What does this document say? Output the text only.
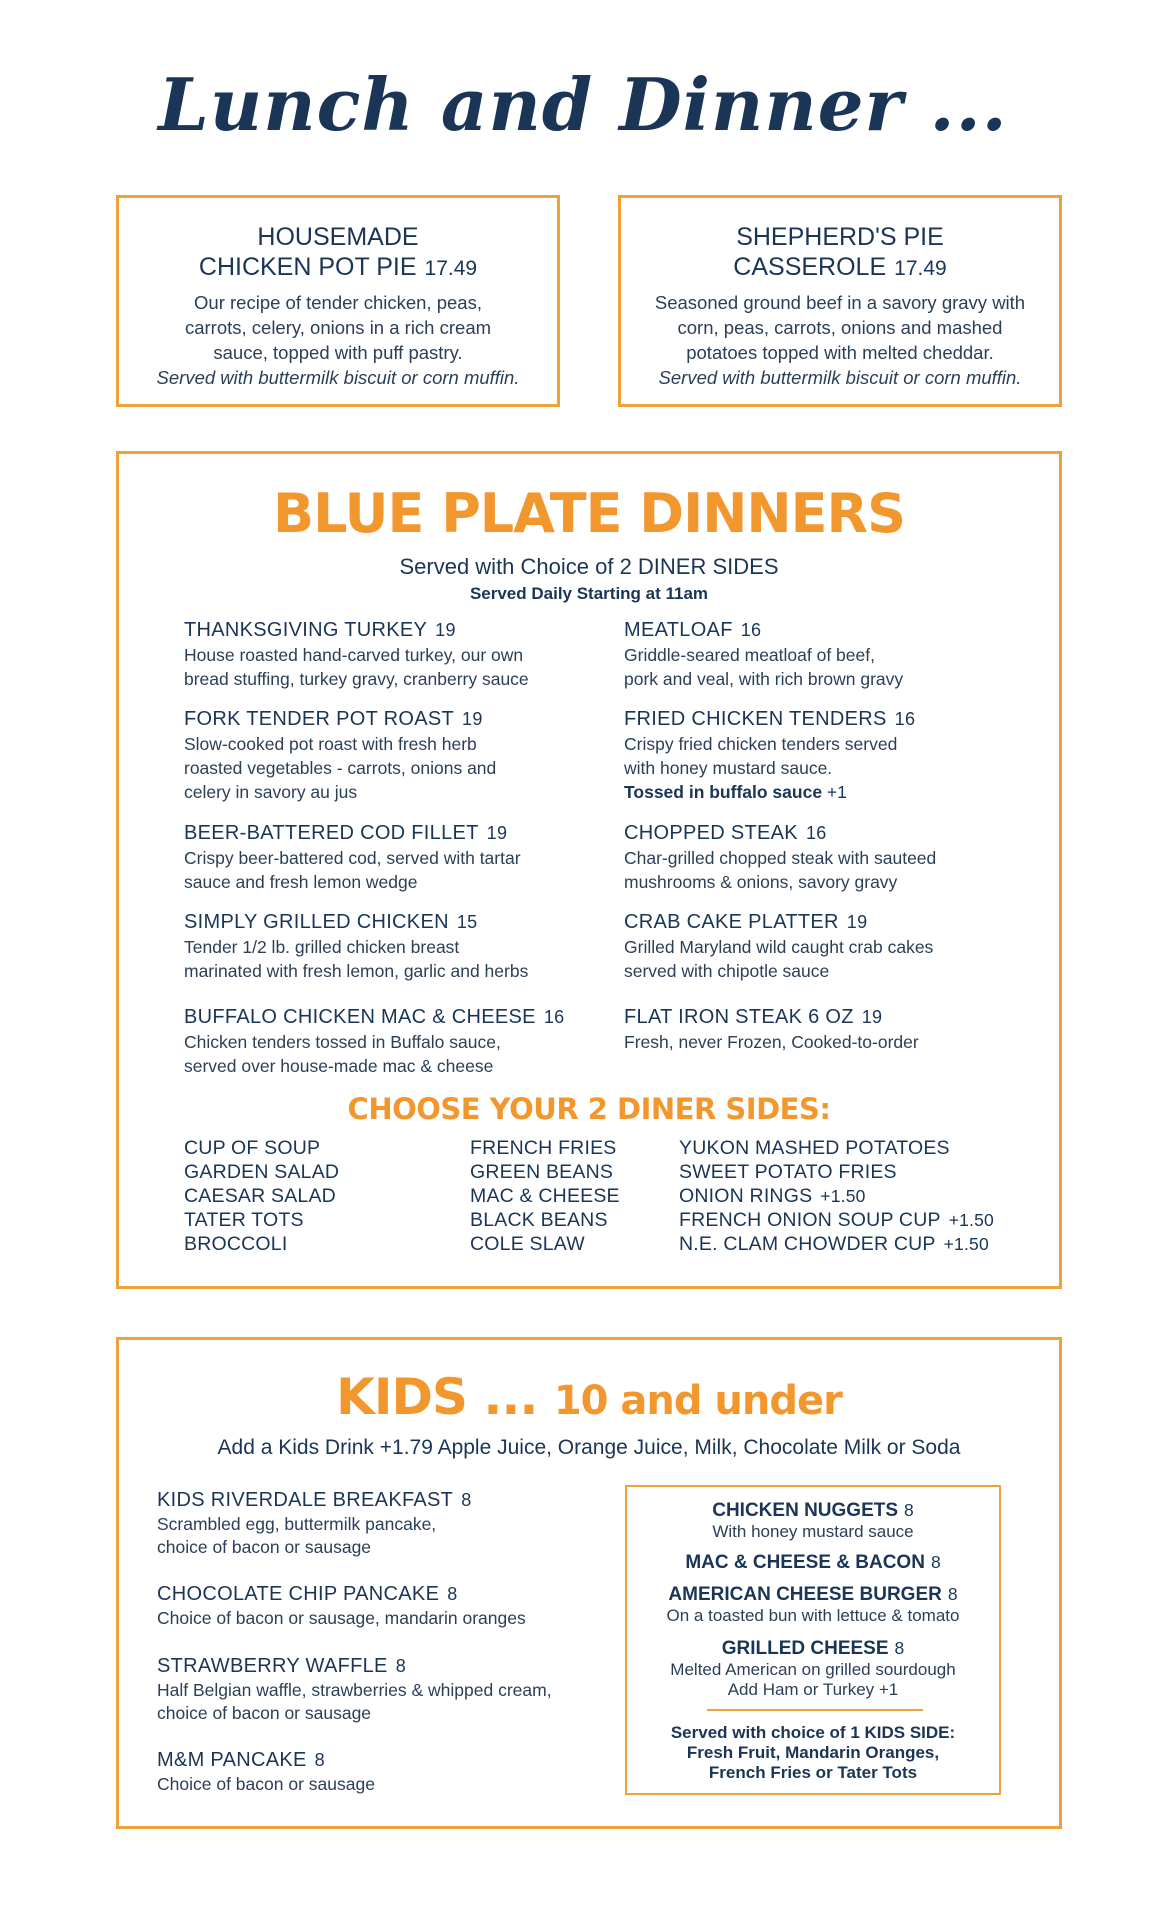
Lunch and Dinner ...
HOUSEMADE
CHICKEN POT PIE 17.49
Our recipe of tender chicken, peas,
carrots, celery, onions in a rich cream
sauce, topped with puff pastry.
Served with buttermilk biscuit or corn muffin.
SHEPHERD'S PIE
CASSEROLE 17.49
Seasoned ground beef in a savory gravy with
corn, peas, carrots, onions and mashed
potatoes topped with melted cheddar.
Served with buttermilk biscuit or corn muffin.
BLUE PLATE DINNERS
Served with Choice of 2 DINER SIDES
Served Daily Starting at 11am
THANKSGIVING TURKEY 19
House roasted hand-carved turkey, our own
bread stuffing, turkey gravy, cranberry sauce
FORK TENDER POT ROAST 19
Slow-cooked pot roast with fresh herb
roasted vegetables - carrots, onions and
celery in savory au jus
BEER-BATTERED COD FILLET 19
Crispy beer-battered cod, served with tartar
sauce and fresh lemon wedge
SIMPLY GRILLED CHICKEN 15
Tender 1/2 lb. grilled chicken breast
marinated with fresh lemon, garlic and herbs
BUFFALO CHICKEN MAC & CHEESE 16
Chicken tenders tossed in Buffalo sauce,
served over house-made mac & cheese
MEATLOAF 16
Griddle-seared meatloaf of beef,
pork and veal, with rich brown gravy
FRIED CHICKEN TENDERS 16
Crispy fried chicken tenders served
with honey mustard sauce.
Tossed in buffalo sauce +1
CHOPPED STEAK 16
Char-grilled chopped steak with sauteed
mushrooms & onions, savory gravy
CRAB CAKE PLATTER 19
Grilled Maryland wild caught crab cakes
served with chipotle sauce
FLAT IRON STEAK 6 OZ 19
Fresh, never Frozen, Cooked-to-order
CHOOSE YOUR 2 DINER SIDES:
CUP OF SOUP
GARDEN SALAD
CAESAR SALAD
TATER TOTS
BROCCOLI
FRENCH FRIES
GREEN BEANS
MAC & CHEESE
BLACK BEANS
COLE SLAW
YUKON MASHED POTATOES
SWEET POTATO FRIES
ONION RINGS +1.50
FRENCH ONION SOUP CUP +1.50
N.E. CLAM CHOWDER CUP +1.50
KIDS ... 10 and under
Add a Kids Drink +1.79 Apple Juice, Orange Juice, Milk, Chocolate Milk or Soda
KIDS RIVERDALE BREAKFAST 8
Scrambled egg, buttermilk pancake,
choice of bacon or sausage
CHOCOLATE CHIP PANCAKE 8
Choice of bacon or sausage, mandarin oranges
STRAWBERRY WAFFLE 8
Half Belgian waffle, strawberries & whipped cream,
choice of bacon or sausage
M&M PANCAKE 8
Choice of bacon or sausage
CHICKEN NUGGETS 8
With honey mustard sauce
MAC & CHEESE & BACON 8
AMERICAN CHEESE BURGER 8
On a toasted bun with lettuce & tomato
GRILLED CHEESE 8
Melted American on grilled sourdough
Add Ham or Turkey +1
Served with choice of 1 KIDS SIDE:
Fresh Fruit, Mandarin Oranges,
French Fries or Tater Tots
